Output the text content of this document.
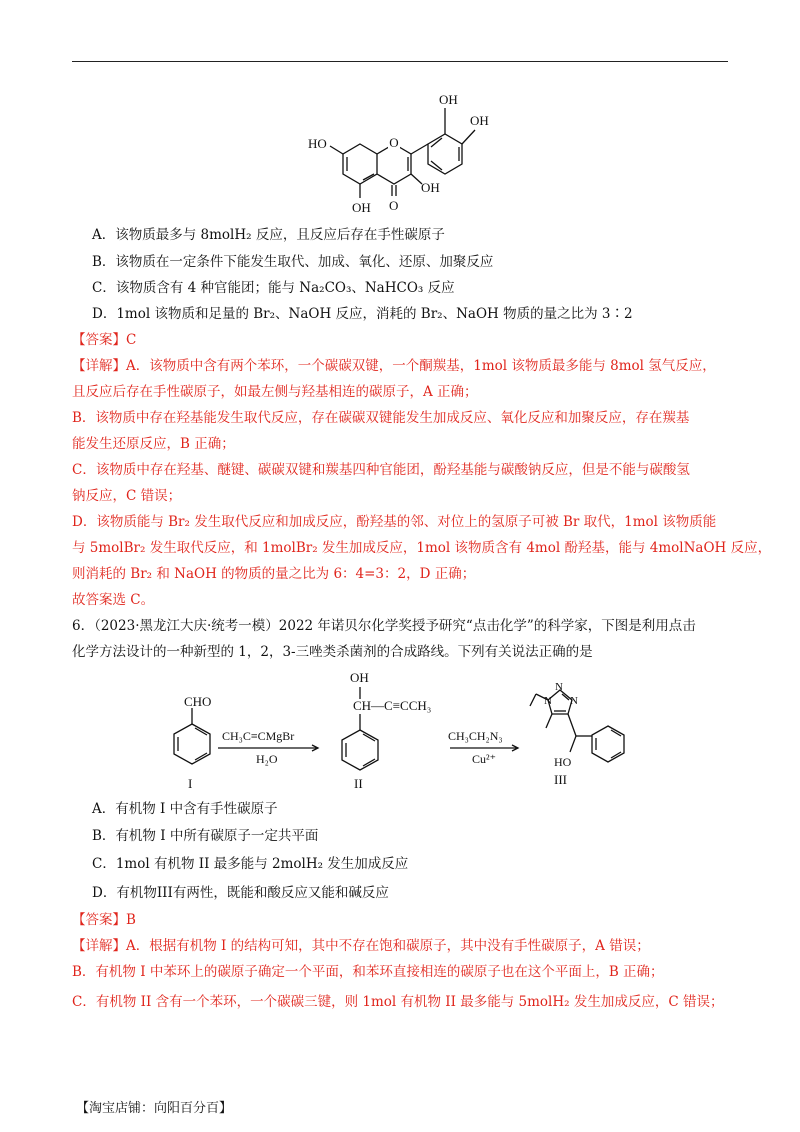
O
OH
OH
HO
OH
OH O
A．该物质最多与 8molH₂ 反应，且反应后存在手性碳原子
B．该物质在一定条件下能发生取代、加成、氧化、还原、加聚反应
C．该物质含有 4 种官能团；能与 Na₂CO₃、NaHCO₃ 反应
D．1mol 该物质和足量的 Br₂、NaOH 反应，消耗的 Br₂、NaOH 物质的量之比为 3∶2
【答案】C
【详解】A．该物质中含有两个苯环，一个碳碳双键，一个酮羰基，1mol 该物质最多能与 8mol 氢气反应，
且反应后存在手性碳原子，如最左侧与羟基相连的碳原子，A 正确；
B．该物质中存在羟基能发生取代反应，存在碳碳双键能发生加成反应、氧化反应和加聚反应，存在羰基
能发生还原反应，B 正确；
C．该物质中存在羟基、醚键、碳碳双键和羰基四种官能团，酚羟基能与碳酸钠反应，但是不能与碳酸氢
钠反应，C 错误；
D．该物质能与 Br₂ 发生取代反应和加成反应，酚羟基的邻、对位上的氢原子可被 Br 取代，1mol 该物质能
与 5molBr₂ 发生取代反应，和 1molBr₂ 发生加成反应，1mol 该物质含有 4mol 酚羟基，能与 4molNaOH 反应，
则消耗的 Br₂ 和 NaOH 的物质的量之比为 6：4=3：2，D 正确；
故答案选 C。
6．（2023·黑龙江大庆·统考一模）2022 年诺贝尔化学奖授予研究“点击化学”的科学家，下图是利用点击
化学方法设计的一种新型的 1，2，3-三唑类杀菌剂的合成路线。下列有关说法正确的是
CHO
CH₃C≡CMgBr
H₂O
OH
CH—C≡CCH₃
CH₃CH₂N₃
Cu²⁺
N
N
N
HO
I	II	III
A．有机物 I 中含有手性碳原子
B．有机物 I 中所有碳原子一定共平面
C．1mol 有机物 II 最多能与 2molH₂ 发生加成反应
D．有机物III有两性，既能和酸反应又能和碱反应
【答案】B
【详解】A．根据有机物 I 的结构可知，其中不存在饱和碳原子，其中没有手性碳原子，A 错误；
B．有机物 I 中苯环上的碳原子确定一个平面，和苯环直接相连的碳原子也在这个平面上，B 正确；
C．有机物 II 含有一个苯环，一个碳碳三键，则 1mol 有机物 II 最多能与 5molH₂ 发生加成反应，C 错误；
【淘宝店铺：向阳百分百】
